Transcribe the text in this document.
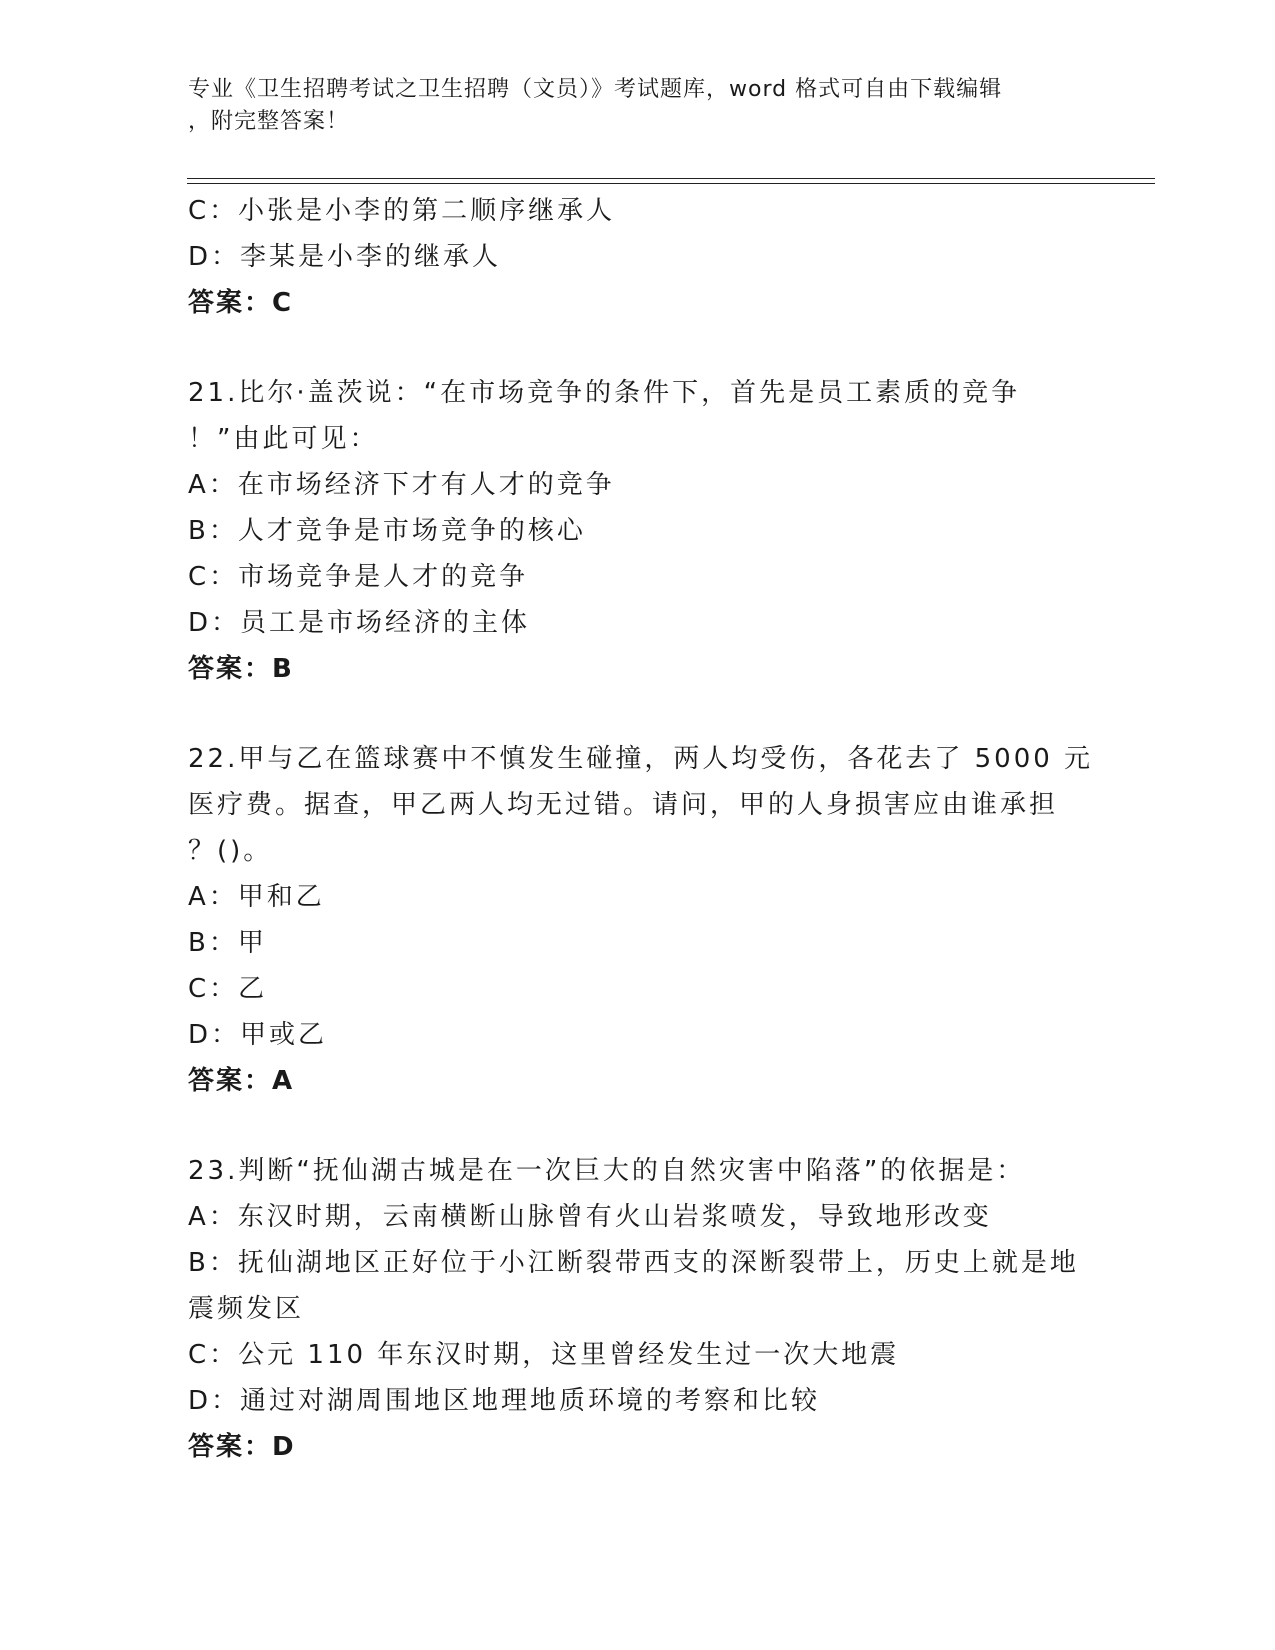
专业《卫生招聘考试之卫生招聘（文员）》考试题库，word 格式可自由下载编辑
，附完整答案！
C：小张是小李的第二顺序继承人
D：李某是小李的继承人
答案：C
21.比尔·盖茨说：“在市场竞争的条件下，首先是员工素质的竞争
！”由此可见：
A：在市场经济下才有人才的竞争
B：人才竞争是市场竞争的核心
C：市场竞争是人才的竞争
D：员工是市场经济的主体
答案：B
22.甲与乙在篮球赛中不慎发生碰撞，两人均受伤，各花去了 5000 元
医疗费。据查，甲乙两人均无过错。请问，甲的人身损害应由谁承担
？()。
A：甲和乙
B：甲
C：乙
D：甲或乙
答案：A
23.判断“抚仙湖古城是在一次巨大的自然灾害中陷落”的依据是：
A：东汉时期，云南横断山脉曾有火山岩浆喷发，导致地形改变
B：抚仙湖地区正好位于小江断裂带西支的深断裂带上，历史上就是地
震频发区
C：公元 110 年东汉时期，这里曾经发生过一次大地震
D：通过对湖周围地区地理地质环境的考察和比较
答案：D
